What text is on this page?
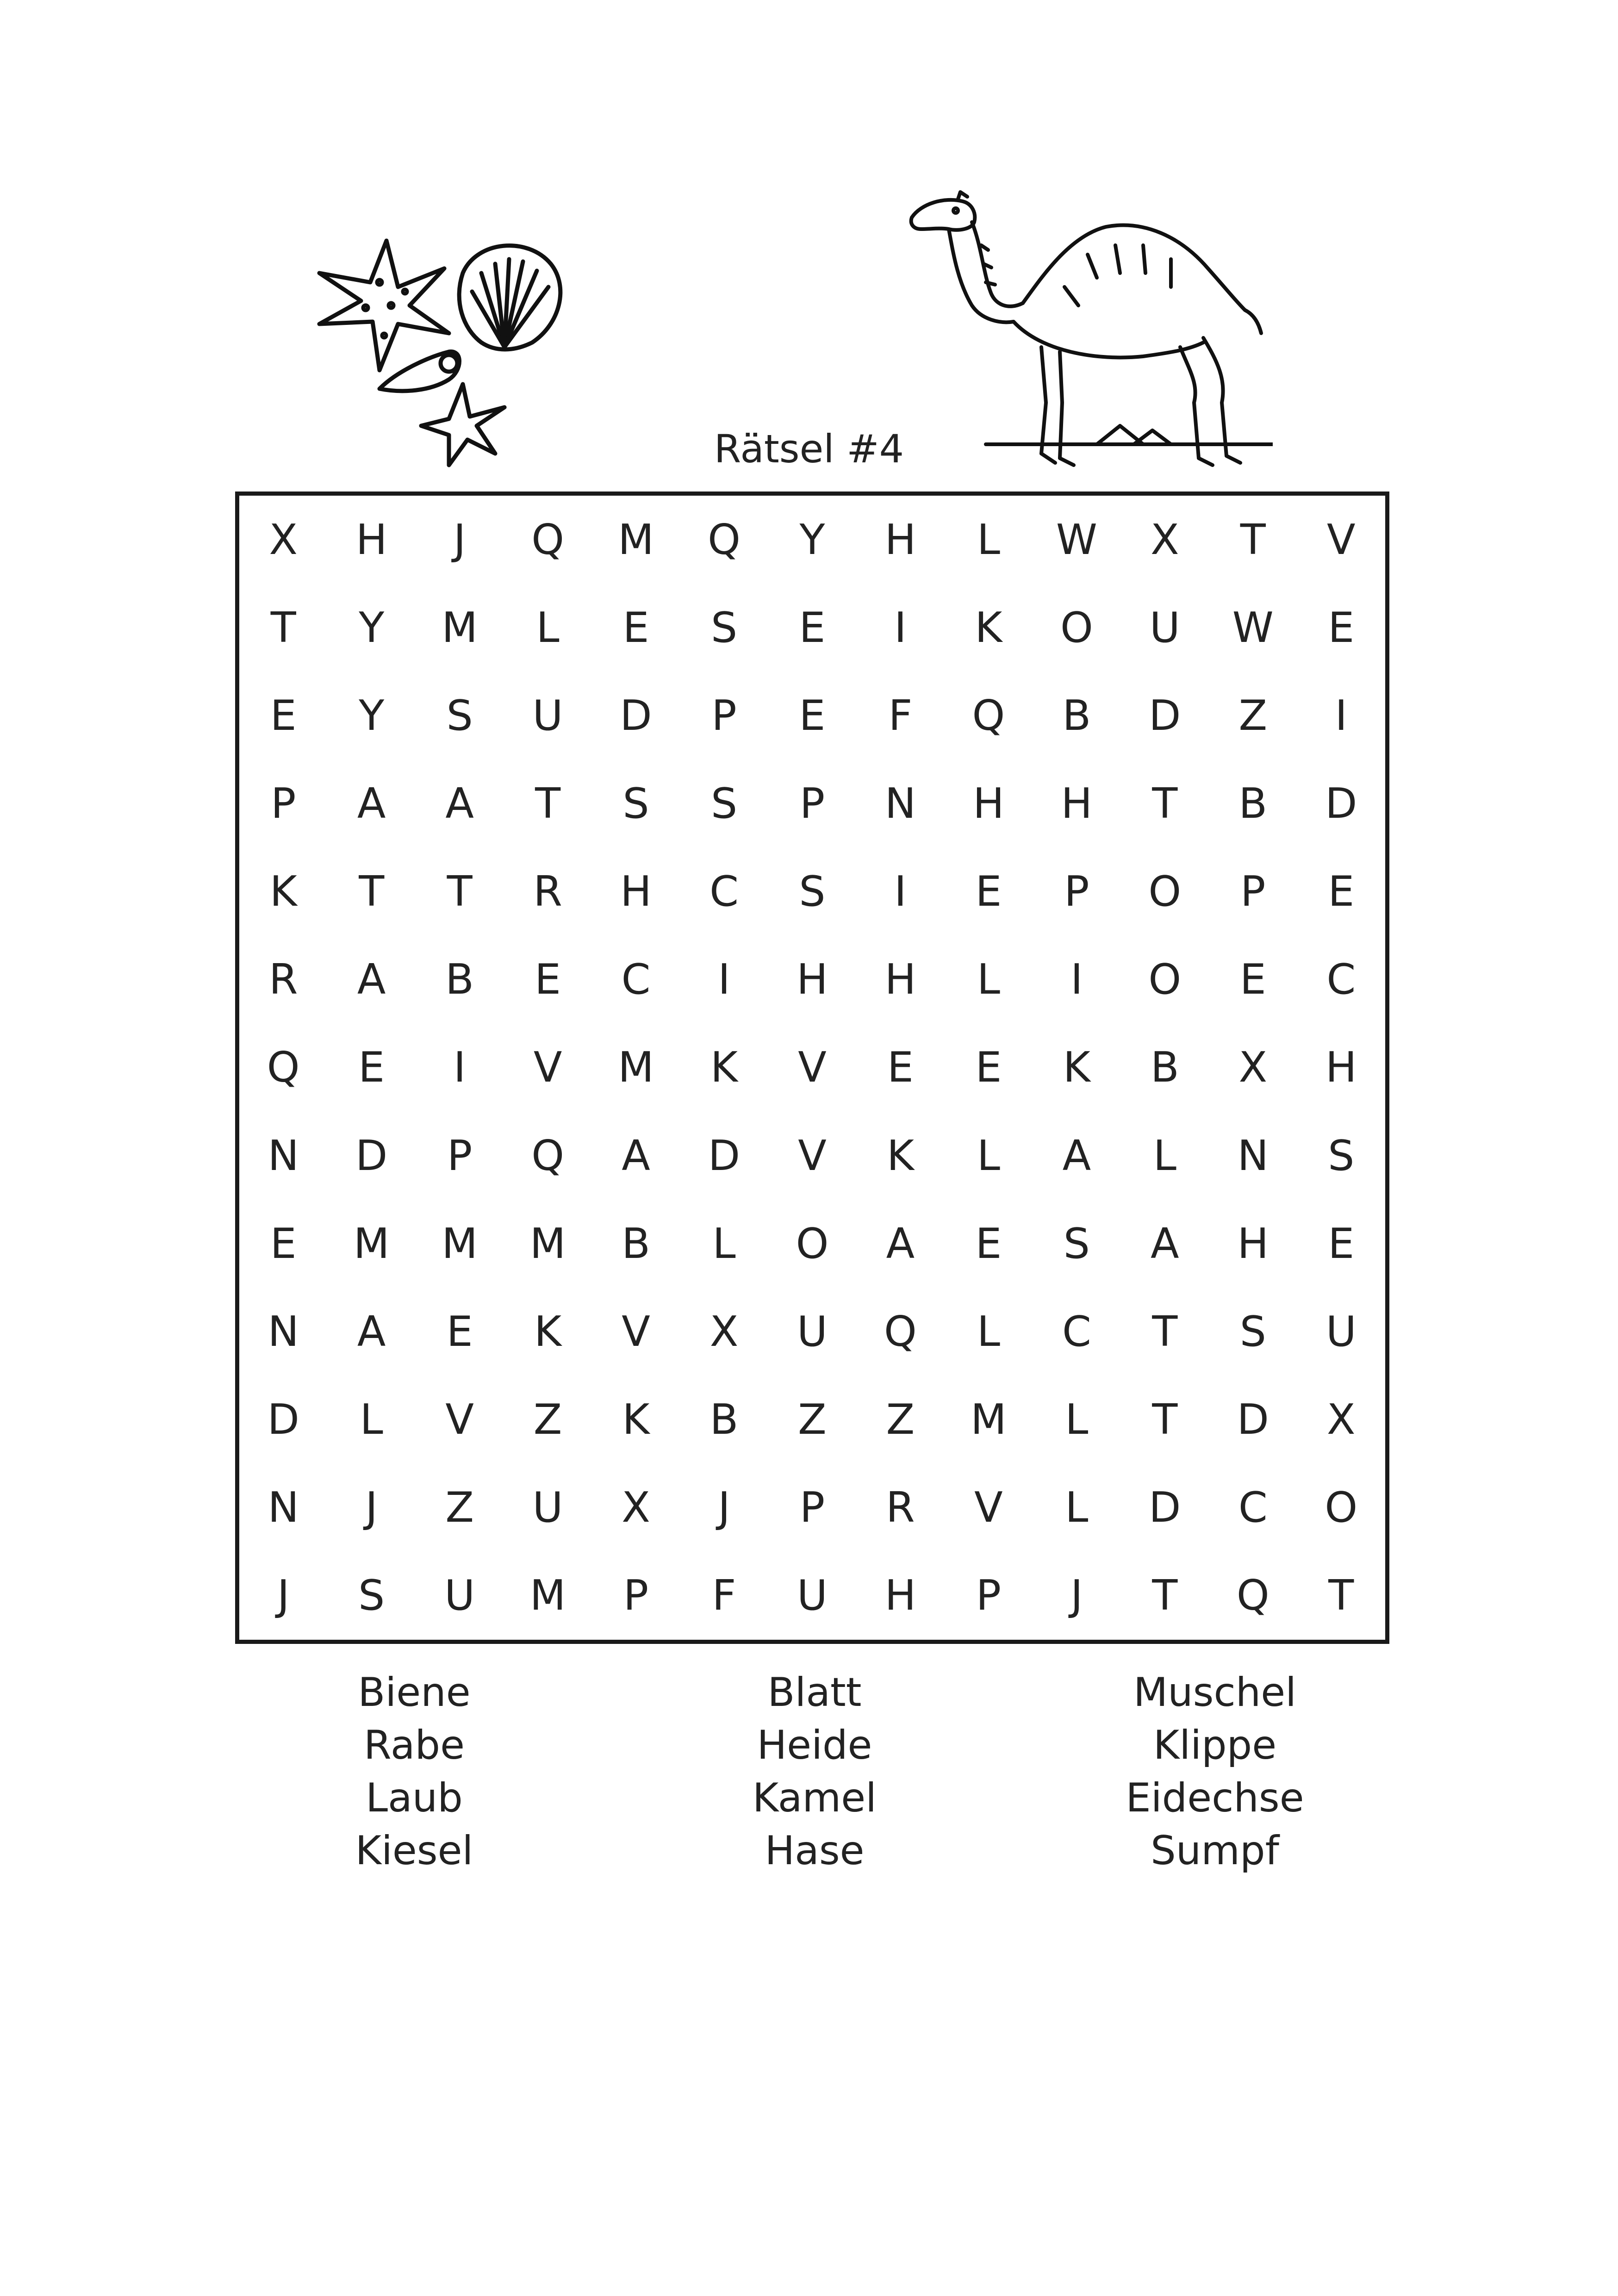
Rätsel #4
X	H	J	Q	M	Q	Y	H	L	W	X	T	V
T	Y	M	L	E	S	E	I	K	O	U	W	E
E	Y	S	U	D	P	E	F	Q	B	D	Z	I
P	A	A	T	S	S	P	N	H	H	T	B	D
K	T	T	R	H	C	S	I	E	P	O	P	E
R	A	B	E	C	I	H	H	L	I	O	E	C
Q	E	I	V	M	K	V	E	E	K	B	X	H
N	D	P	Q	A	D	V	K	L	A	L	N	S
E	M	M	M	B	L	O	A	E	S	A	H	E
N	A	E	K	V	X	U	Q	L	C	T	S	U
D	L	V	Z	K	B	Z	Z	M	L	T	D	X
N	J	Z	U	X	J	P	R	V	L	D	C	O
J	S	U	M	P	F	U	H	P	J	T	Q	T
Biene
Rabe
Laub
Kiesel
Blatt
Heide
Kamel
Hase
Muschel
Klippe
Eidechse
Sumpf
